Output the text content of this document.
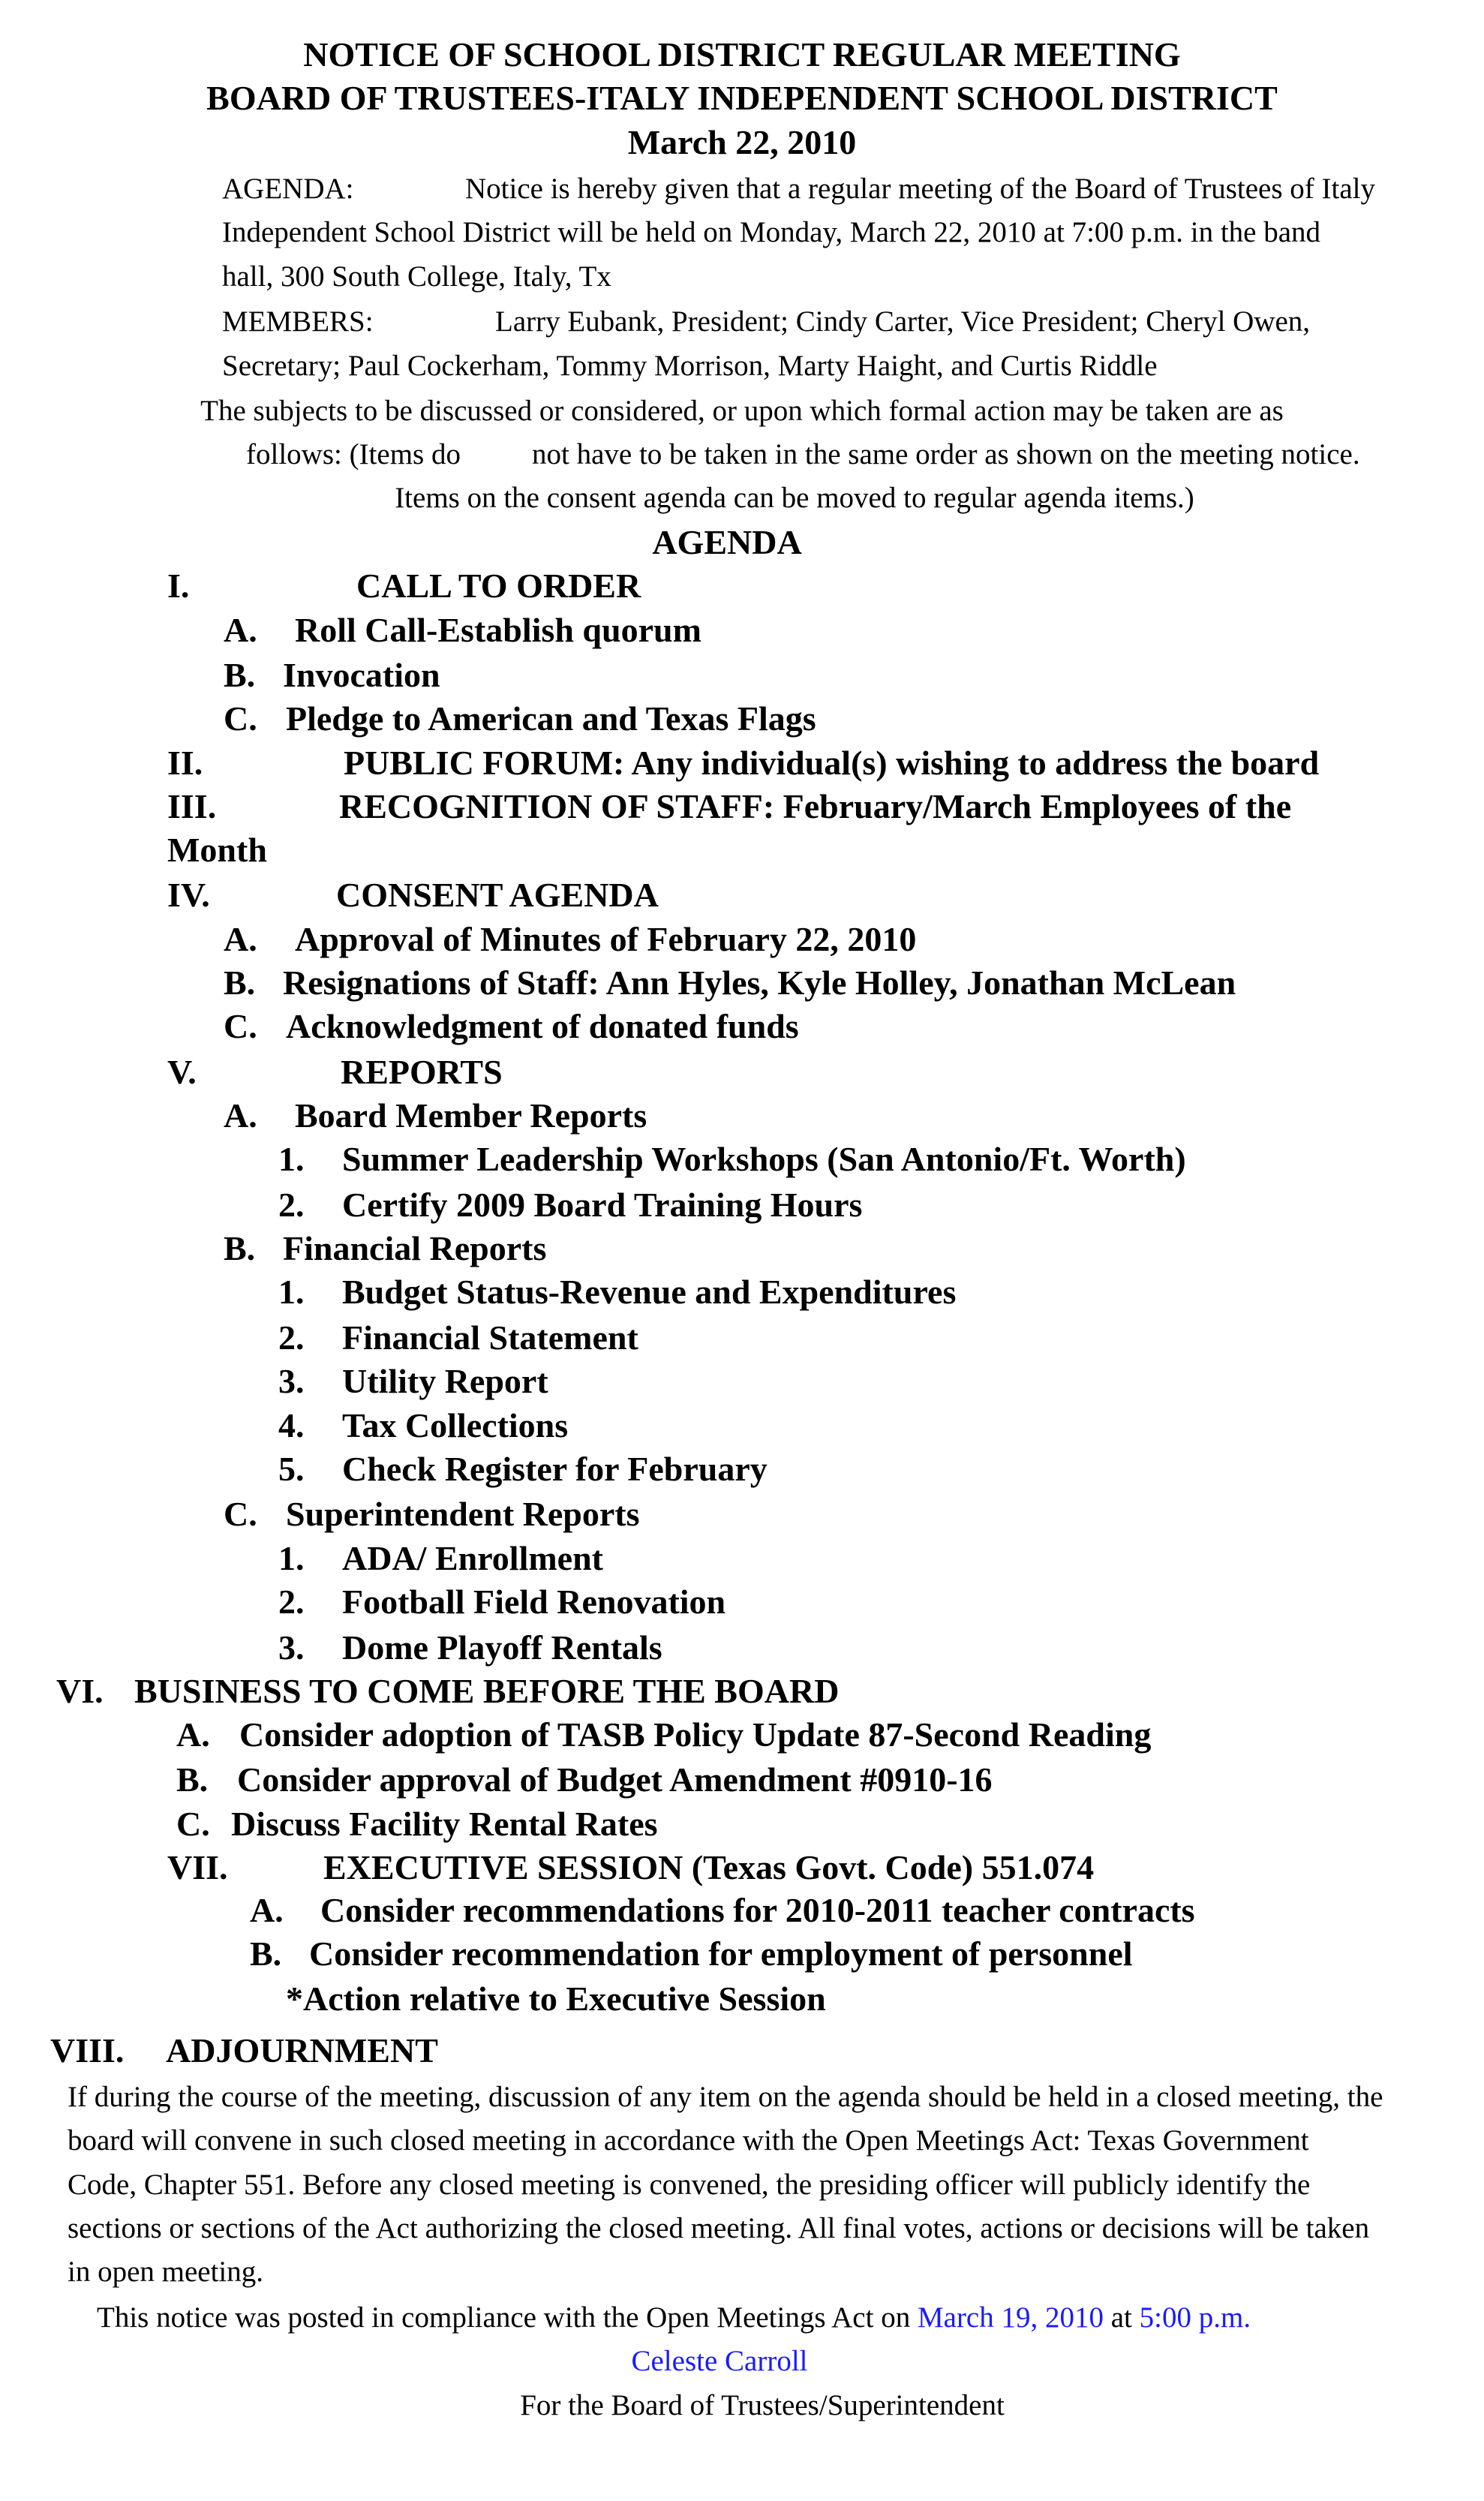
NOTICE OF SCHOOL DISTRICT REGULAR MEETING
BOARD OF TRUSTEES-ITALY INDEPENDENT SCHOOL DISTRICT
March 22, 2010
AGENDA:	Notice is hereby given that a regular meeting of the Board of Trustees of Italy
Independent School District will be held on Monday, March 22, 2010 at 7:00 p.m. in the band
hall, 300 South College, Italy, Tx
MEMBERS:	Larry Eubank, President; Cindy Carter, Vice President; Cheryl Owen,
Secretary; Paul Cockerham, Tommy Morrison, Marty Haight, and Curtis Riddle
The subjects to be discussed or considered, or upon which formal action may be taken are as
follows: (Items do not have to be taken in the same order as shown on the meeting notice.
Items on the consent agenda can be moved to regular agenda items.)
AGENDA
I.	CALL TO ORDER
A. Roll Call-Establish quorum
B. Invocation
C. Pledge to American and Texas Flags
II.	PUBLIC FORUM: Any individual(s) wishing to address the board
III.	RECOGNITION OF STAFF: February/March Employees of the
Month
IV.	CONSENT AGENDA
A. Approval of Minutes of February 22, 2010
B. Resignations of Staff: Ann Hyles, Kyle Holley, Jonathan McLean
C. Acknowledgment of donated funds
V.	REPORTS
A. Board Member Reports
1. Summer Leadership Workshops (San Antonio/Ft. Worth)
2. Certify 2009 Board Training Hours
B. Financial Reports
1. Budget Status-Revenue and Expenditures
2. Financial Statement
3. Utility Report
4. Tax Collections
5. Check Register for February
C. Superintendent Reports
1. ADA/ Enrollment
2. Football Field Renovation
3. Dome Playoff Rentals
VI. BUSINESS TO COME BEFORE THE BOARD
A. Consider adoption of TASB Policy Update 87-Second Reading
B. Consider approval of Budget Amendment #0910-16
C. Discuss Facility Rental Rates
VII.	EXECUTIVE SESSION (Texas Govt. Code) 551.074
A. Consider recommendations for 2010-2011 teacher contracts
B. Consider recommendation for employment of personnel
*Action relative to Executive Session
VIII. ADJOURNMENT
If during the course of the meeting, discussion of any item on the agenda should be held in a closed meeting, the
board will convene in such closed meeting in accordance with the Open Meetings Act: Texas Government
Code, Chapter 551. Before any closed meeting is convened, the presiding officer will publicly identify the
sections or sections of the Act authorizing the closed meeting. All final votes, actions or decisions will be taken
in open meeting.
This notice was posted in compliance with the Open Meetings Act on March 19, 2010 at 5:00 p.m.
Celeste Carroll
For the Board of Trustees/Superintendent
